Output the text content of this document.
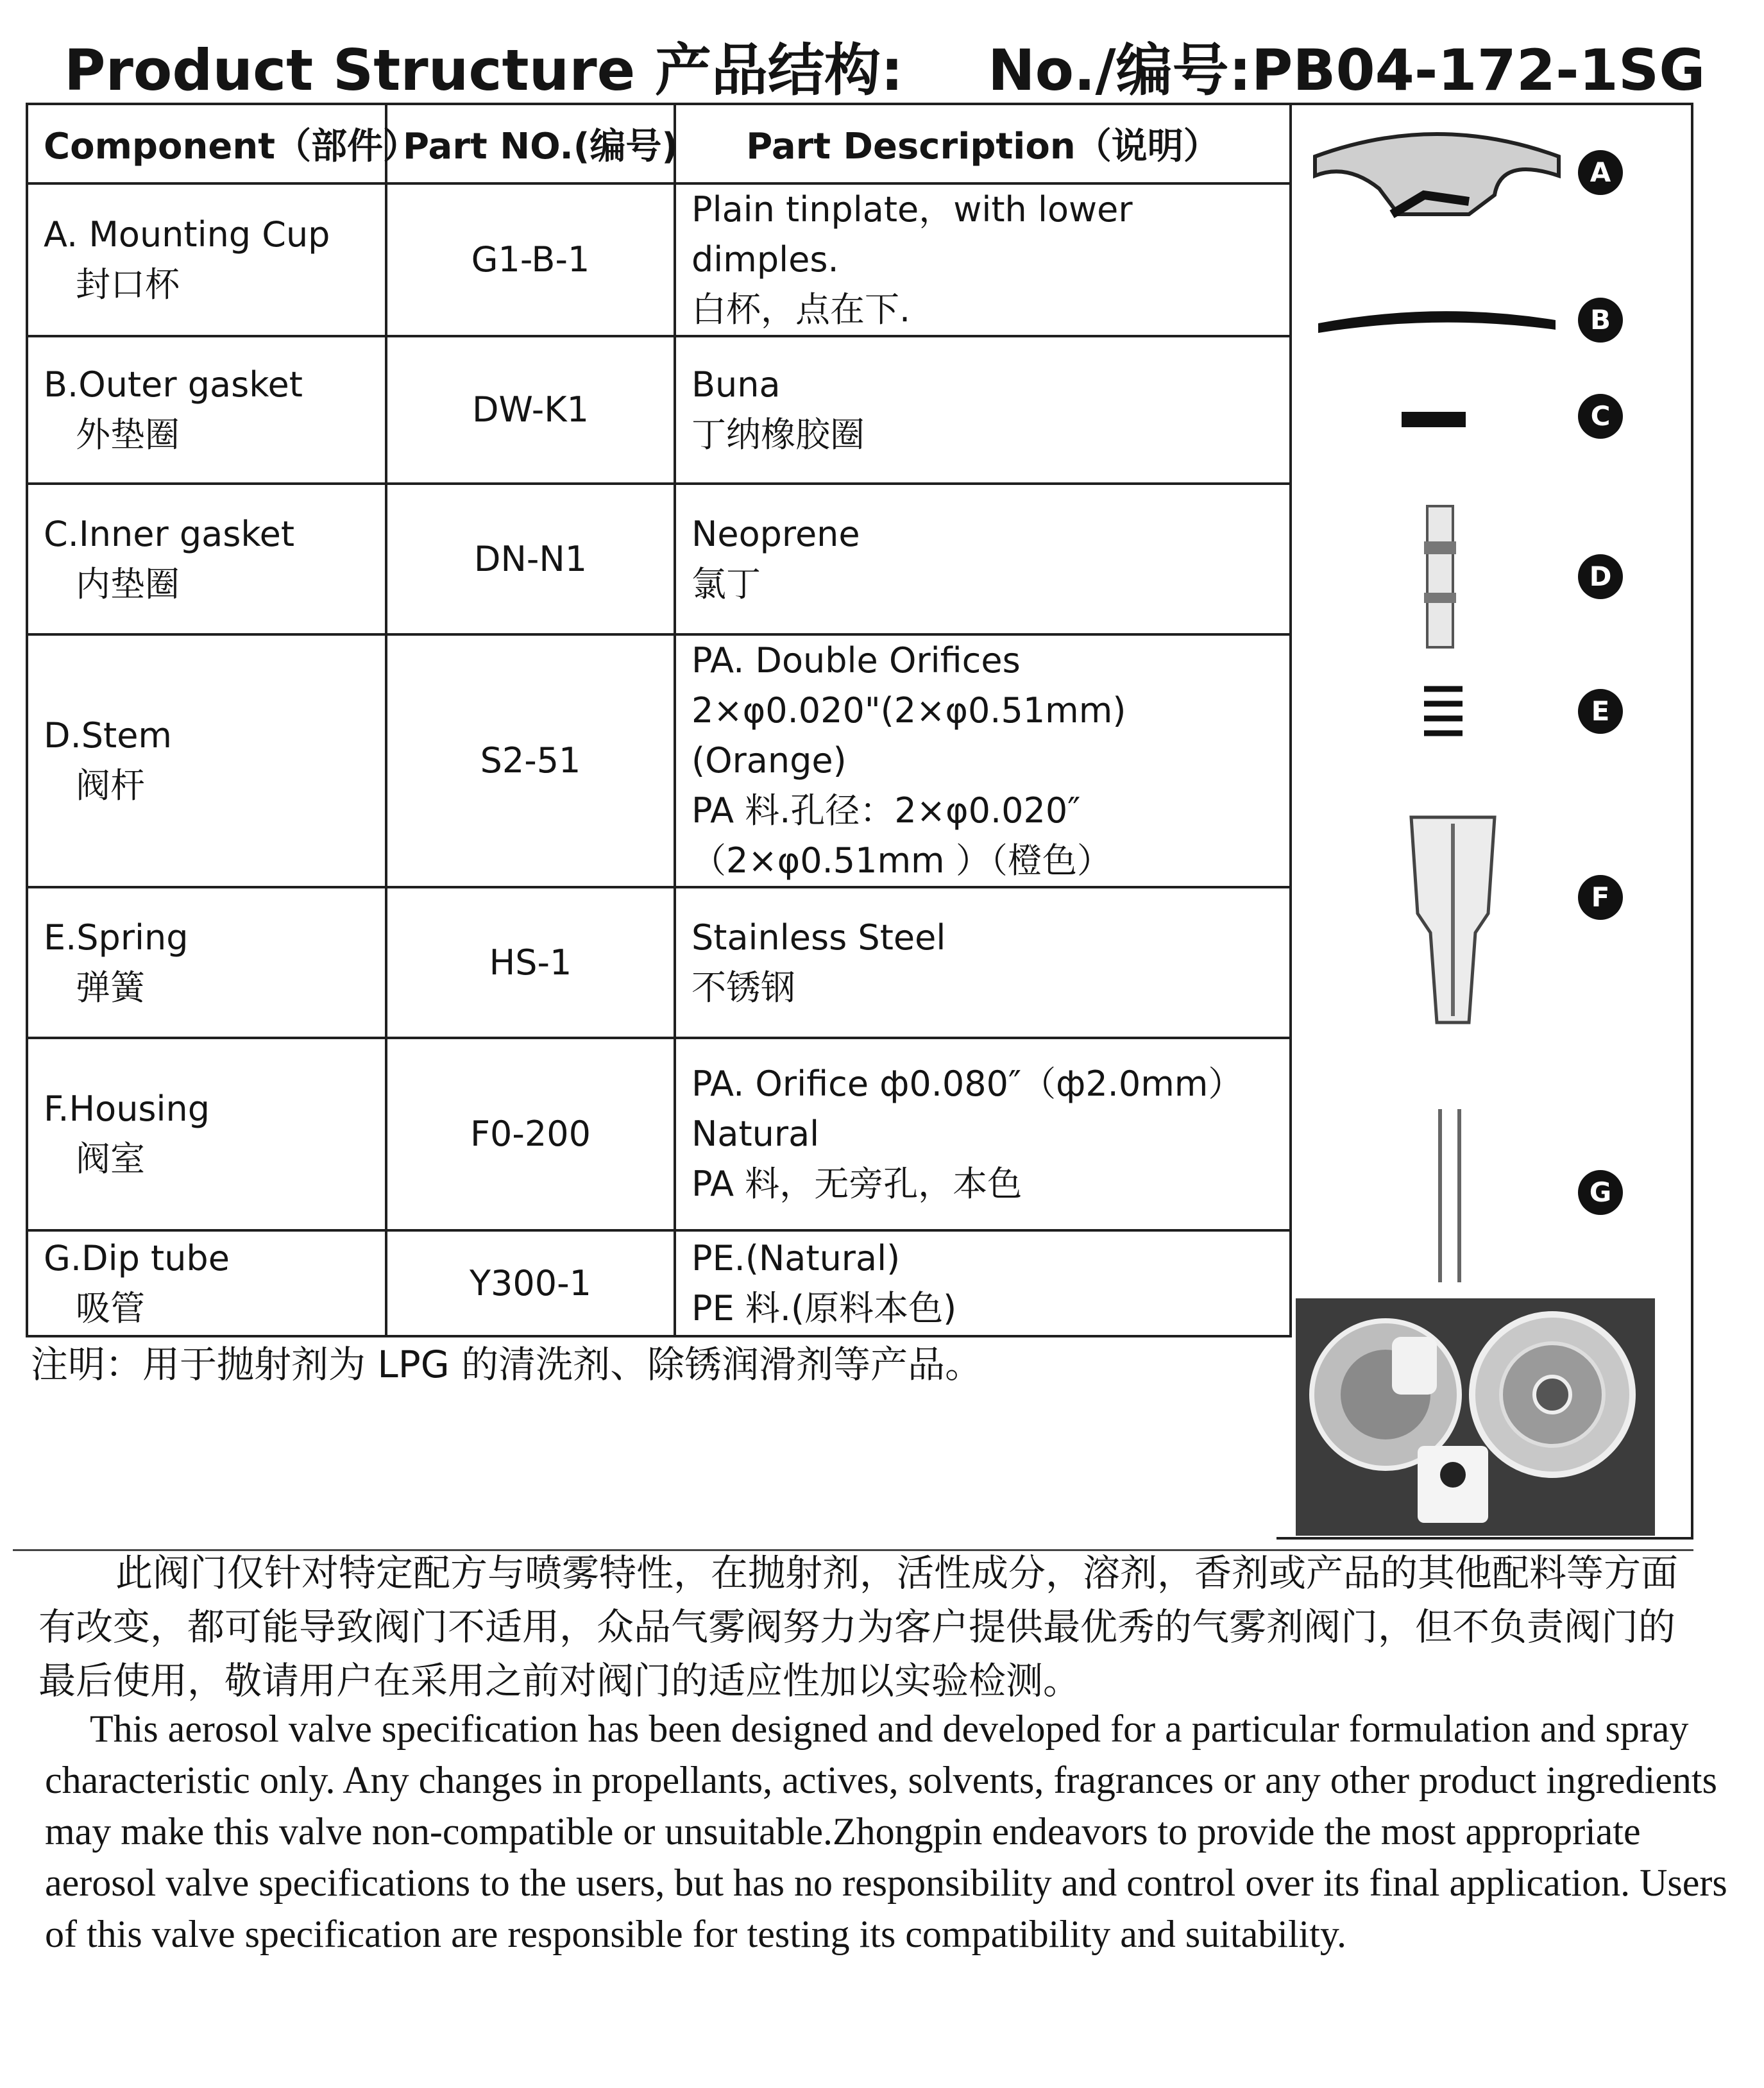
Product Structure 产品结构: No./编号:PB04-172-1SG
Component（部件）	Part NO.(编号)	Part Description（说明）

A. Mounting Cup
封口杯	G1-B-1	Plain tinplate，with lower dimples.
白杯，点在下.

B.Outer gasket
外垫圈	DW-K1	Buna
丁纳橡胶圈

C.Inner gasket
内垫圈	DN-N1	Neoprene
氯丁

D.Stem
阀杆	S2-51	PA. Double Orifices
2×φ0.020"(2×φ0.51mm)(Orange)
PA 料.孔径：2×φ0.020″
（2×φ0.51mm ）（橙色）

E.Spring
弹簧	HS-1	Stainless Steel
不锈钢

F.Housing
阀室	F0-200	PA. Orifice ф0.080″（ф2.0mm）
Natural
PA 料，无旁孔，本色

G.Dip tube
吸管	Y300-1	PE.(Natural)
PE 料.(原料本色)
A
B
C
D
E
F
G
注明：用于抛射剂为 LPG 的清洗剂、除锈润滑剂等产品。

此阀门仅针对特定配方与喷雾特性，在抛射剂，活性成分，溶剂，香剂或产品的其他配料等方面有改变，都可能导致阀门不适用，众品气雾阀努力为客户提供最优秀的气雾剂阀门，但不负责阀门的最后使用，敬请用户在采用之前对阀门的适应性加以实验检测。

This aerosol valve specification has been designed and developed for a particular formulation and spray characteristic only. Any changes in propellants, actives, solvents, fragrances or any other product ingredients may make this valve non-compatible or unsuitable.Zhongpin endeavors to provide the most appropriate aerosol valve specifications to the users, but has no responsibility and control over its final application. Users of this valve specification are responsible for testing its compatibility and suitability.
